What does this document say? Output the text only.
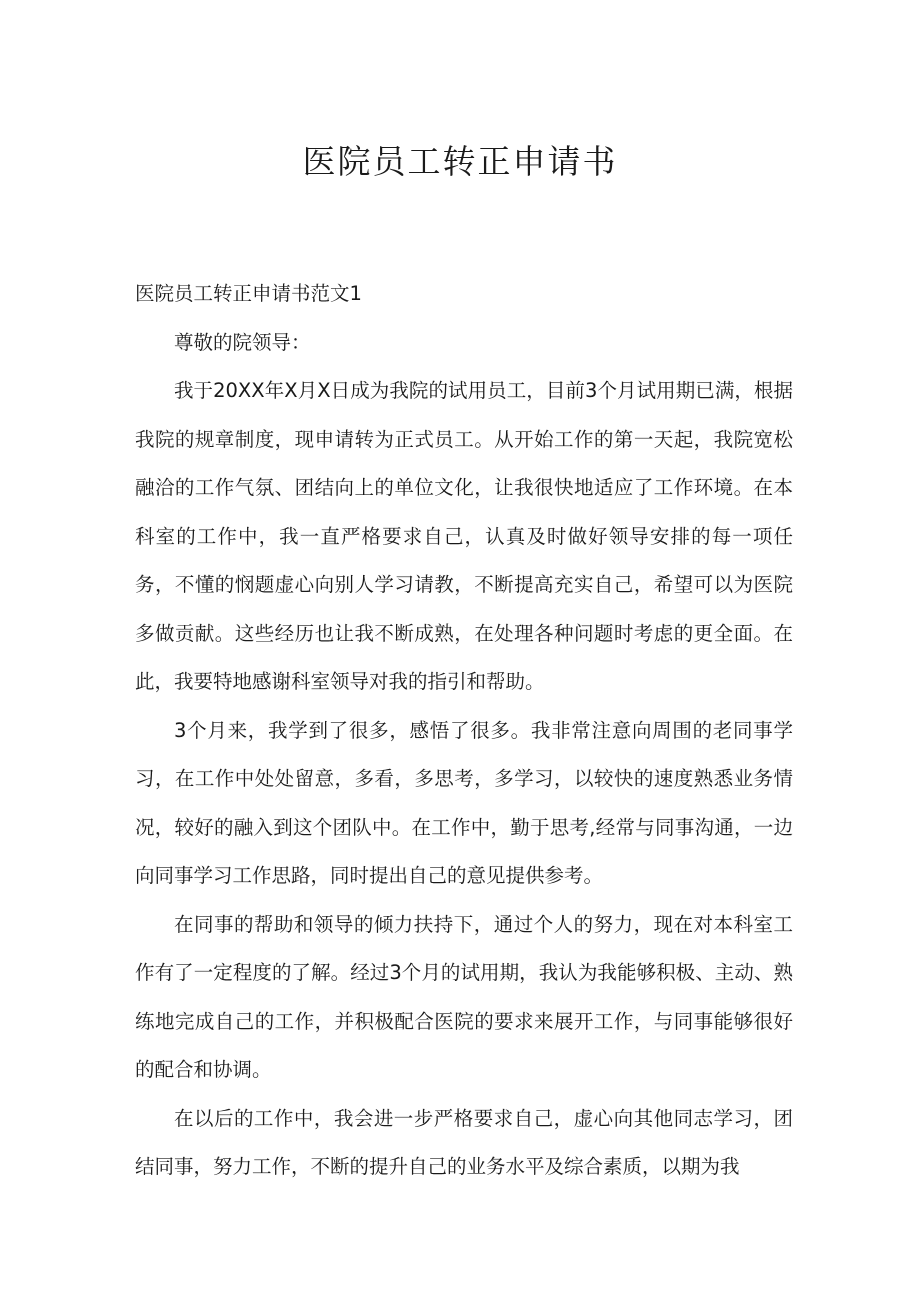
医院员工转正申请书

医院员工转正申请书范文1

尊敬的院领导：

我于20XX年X月X日成为我院的试用员工，目前3个月试用期已满，根据我院的规章制度，现申请转为正式员工。从开始工作的第一天起，我院宽松融洽的工作气氛、团结向上的单位文化，让我很快地适应了工作环境。在本科室的工作中，我一直严格要求自己，认真及时做好领导安排的每一项任务，不懂的悯题虚心向别人学习请教，不断提高充实自己，希望可以为医院多做贡献。这些经历也让我不断成熟，在处理各种问题时考虑的更全面。在此，我要特地感谢科室领导对我的指引和帮助。

3个月来，我学到了很多，感悟了很多。我非常注意向周围的老同事学习，在工作中处处留意，多看，多思考，多学习，以较快的速度熟悉业务情况，较好的融入到这个团队中。在工作中，勤于思考,经常与同事沟通，一边向同事学习工作思路，同时提出自己的意见提供参考。

在同事的帮助和领导的倾力扶持下，通过个人的努力，现在对本科室工作有了一定程度的了解。经过3个月的试用期，我认为我能够积极、主动、熟练地完成自己的工作，并积极配合医院的要求来展开工作，与同事能够很好的配合和协调。

在以后的工作中，我会进一步严格要求自己，虚心向其他同志学习，团结同事，努力工作，不断的提升自己的业务水平及综合素质，以期为我
